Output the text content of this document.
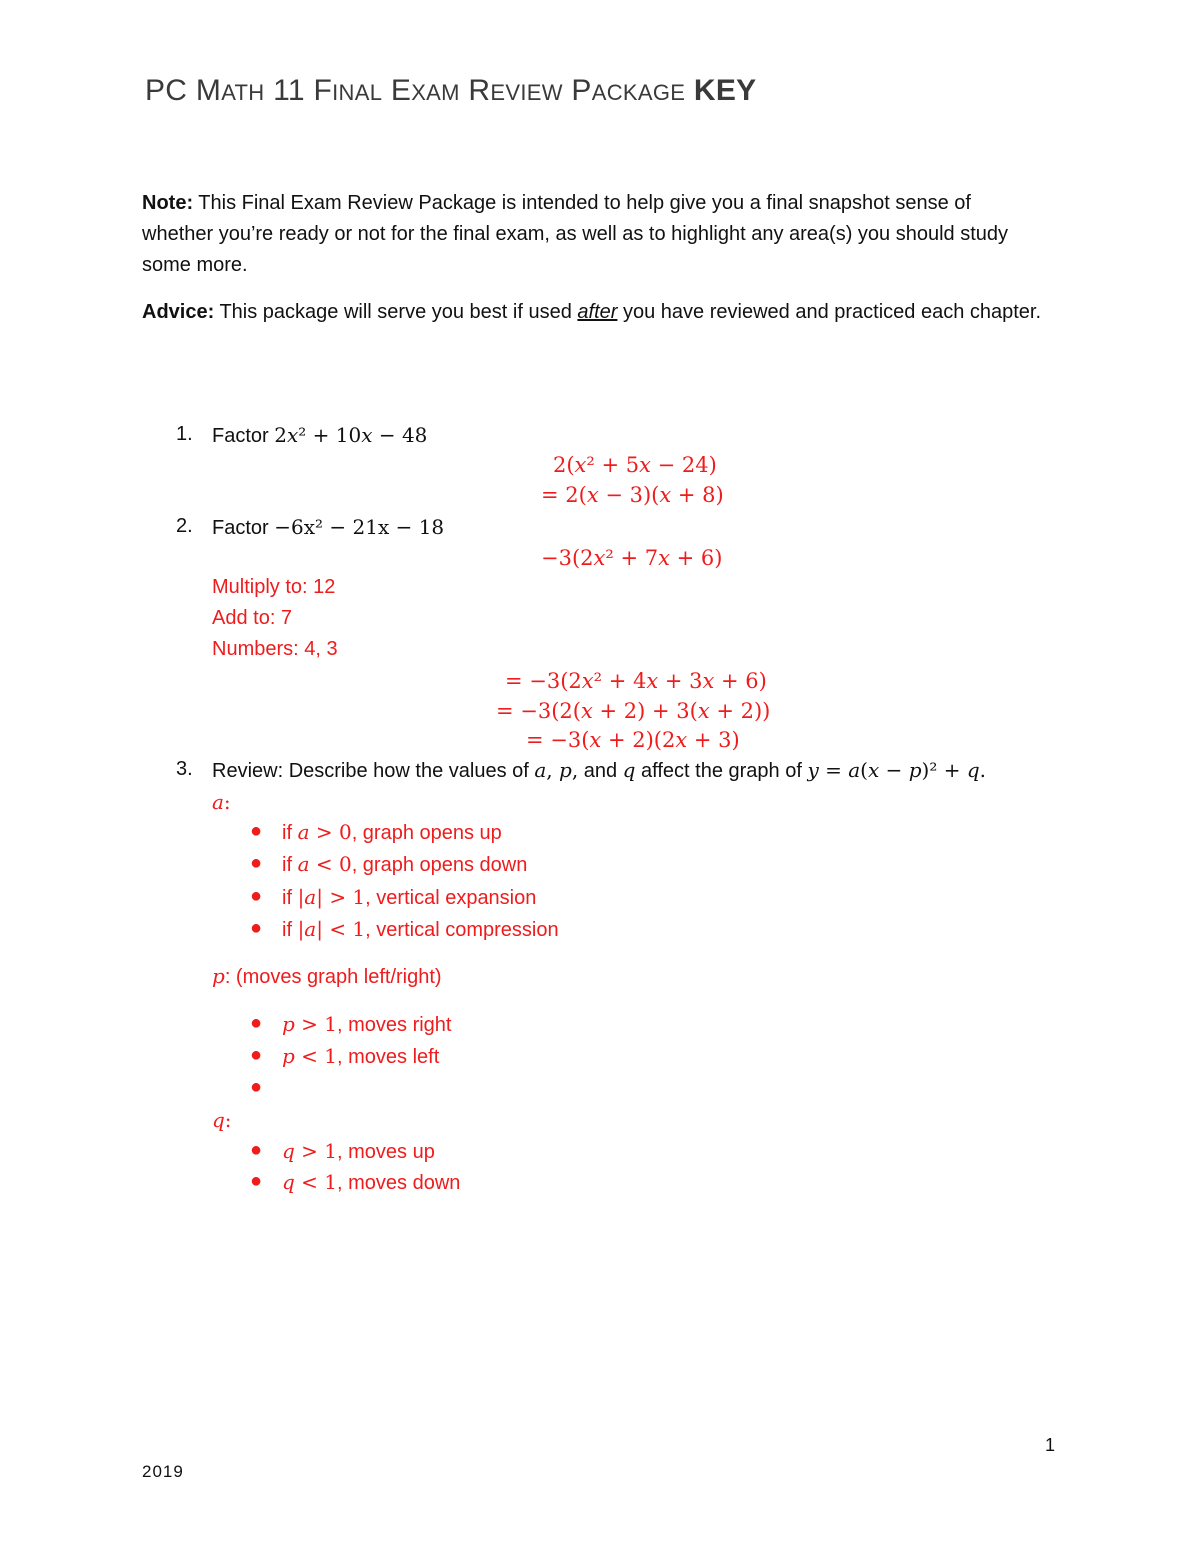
PC MATH 11 FINAL EXAM REVIEW PACKAGE KEY
Note: This Final Exam Review Package is intended to help give you a final snapshot sense of whether you’re ready or not for the final exam, as well as to highlight any area(s) you should study some more.
Advice: This package will serve you best if used after you have reviewed and practiced each chapter.
1. Factor 2𝑥² + 10𝑥 − 48
2(𝑥² + 5𝑥 − 24)
= 2(𝑥 − 3)(𝑥 + 8)
2. Factor −6x² − 21x − 18
−3(2𝑥² + 7𝑥 + 6)
Multiply to: 12
Add to: 7
Numbers: 4, 3
= −3(2𝑥² + 4𝑥 + 3𝑥 + 6)
= −3(2(𝑥 + 2) + 3(𝑥 + 2))
= −3(𝑥 + 2)(2𝑥 + 3)
3. Review: Describe how the values of 𝑎, 𝑝, and 𝑞 affect the graph of 𝑦 = 𝑎(𝑥 − 𝑝)² + 𝑞.
𝑎:
● if 𝑎 > 0, graph opens up
● if 𝑎 < 0, graph opens down
● if |𝑎| > 1, vertical expansion
● if |𝑎| < 1, vertical compression
𝑝: (moves graph left/right)
● 𝑝 > 1, moves right
● 𝑝 < 1, moves left
●
𝑞:
● 𝑞 > 1, moves up
● 𝑞 < 1, moves down
1
2019
